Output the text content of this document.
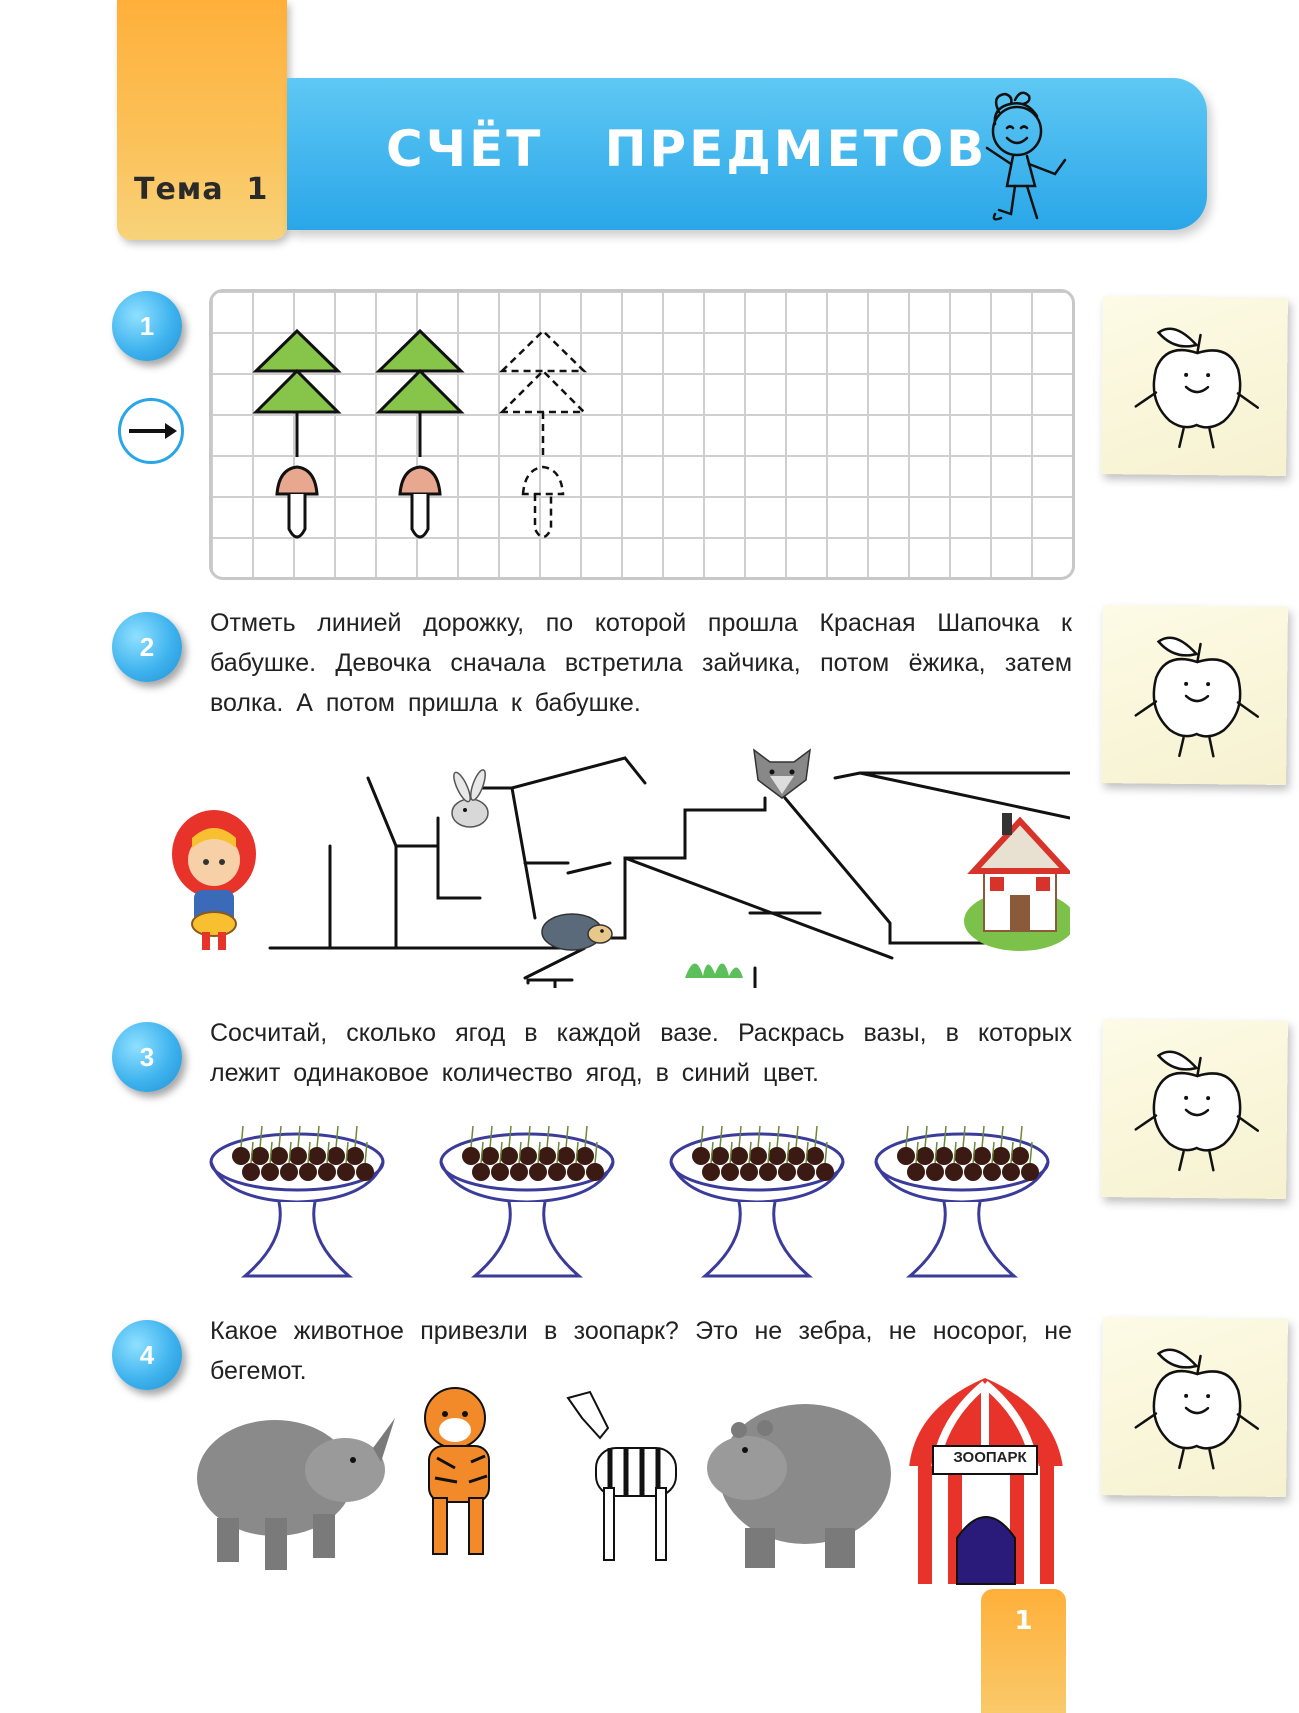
Тема  1
СЧЁТ   ПРЕДМЕТОВ
1
2
Отметь линией дорожку, по которой прошла Красная Шапочка к бабушке. Девочка сначала встретила зайчика, потом ёжика, затем волка. А потом пришла к бабушке.
3
Сосчитай, сколько ягод в каждой вазе. Раскрась вазы, в которых лежит одинаковое количество ягод, в синий цвет.
4
Какое животное привезли в зоопарк? Это не зебра, не носорог, не бегемот.
ЗООПАРК
1
